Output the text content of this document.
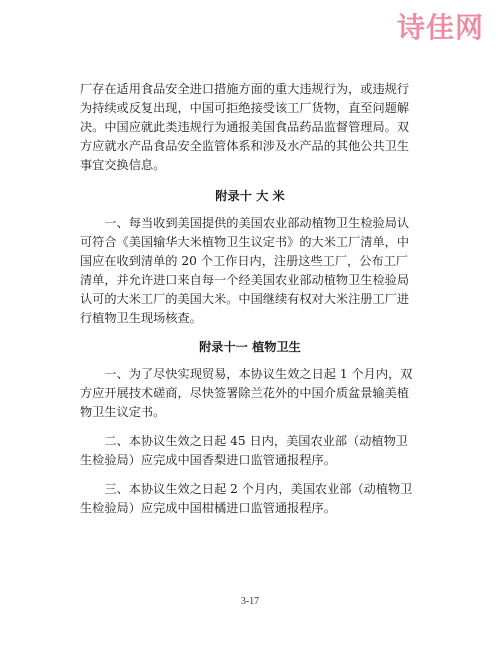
诗佳网

厂存在适用食品安全进口措施方面的重大违规行为，或违规行为持续或反复出现，中国可拒绝接受该工厂货物，直至问题解决。中国应就此类违规行为通报美国食品药品监督管理局。双方应就水产品食品安全监管体系和涉及水产品的其他公共卫生事宜交换信息。

附录十 大 米

一、每当收到美国提供的美国农业部动植物卫生检验局认可符合《美国输华大米植物卫生议定书》的大米工厂清单，中国应在收到清单的 20 个工作日内，注册这些工厂，公布工厂清单，并允许进口来自每一个经美国农业部动植物卫生检验局认可的大米工厂的美国大米。中国继续有权对大米注册工厂进行植物卫生现场核查。

附录十一 植物卫生

一、为了尽快实现贸易，本协议生效之日起 1 个月内，双方应开展技术磋商，尽快签署除兰花外的中国介质盆景输美植物卫生议定书。

二、本协议生效之日起 45 日内，美国农业部（动植物卫生检验局）应完成中国香梨进口监管通报程序。

三、本协议生效之日起 2 个月内，美国农业部（动植物卫生检验局）应完成中国柑橘进口监管通报程序。

3-17
